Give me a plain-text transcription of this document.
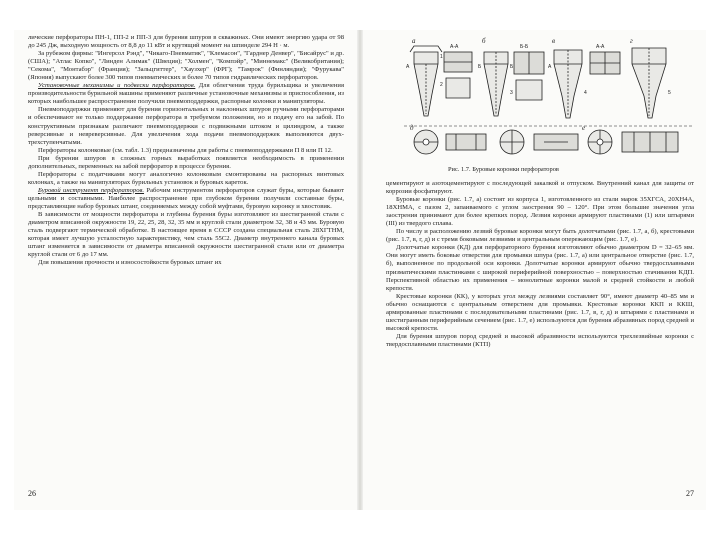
лические перфораторы ПН-1, ПП-2 и ПП-3 для бурения шпуров в скважинах. Они имеют энергию удара от 98 до 245 Дж, выходную мощность от 8,8 до 11 кВт и крутящий момент на шпинделе 294 Н · м.

За рубежом фирмы: "Ингерсол Рэнд", "Чикаго-Пневматик", "Клемасон", "Гарднер Денвер", "Бисайрус" и др. (США); "Атлас Копко", "Линден Алимак" (Швеция); "Холмен", "Компэйр", "Миннемакс" (Великобритания); "Секома", "Монтабэр" (Франция); "Зальцгиттер", "Хаузхер" (ФРГ); "Тамрок" (Финляндия); "Фурукава" (Япония) выпускают более 300 типов пневматических и более 70 типов гидравлических перфораторов.

Установочные механизмы и подвески перфораторов. Для облегчения труда бурильщика и увеличения производительности бурильной машины применяют различные установочные механизмы и приспособления, из которых наибольшее распространение получили пневмоподдержки, распорные колонки и манипуляторы.

Пневмоподдержки применяют для бурения горизонтальных и наклонных шпуров ручными перфораторами и обеспечивают не только поддержание перфоратора в требуемом положении, но и подачу его на забой. По конструктивным признакам различают пневмоподдержки с подвижными штоком и цилиндром, а также реверсивные и невреверсивные. Для увеличения хода подачи пневмоподдержек выполняются двух-трехступенчатыми.

Перфораторы колонковые (см. табл. 1.3) предназначены для работы с пневмоподдержками П 8 или П 12.

При бурении шпуров в сложных горных выработках появляется необходимость в применении дополнительных, переменных на забой перфоратор в процессе бурения.

Перфораторы с податчиками могут аналогично колонковым смонтированы на распорных винтовых колонках, а также на манипуляторах бурильных установок и буровых кареток.

Буровой инструмент перфораторов. Рабочим инструментом перфораторов служат буры, которые бывают цельными и составными. Наиболее распространение при глубоком бурении получили составные буры, представляющие набор буровых штанг, соединяемых между собой муфтами, буровую коронку и хвостовик.

В зависимости от мощности перфоратора и глубины бурения буры изготовляют из шестигранной стали с диаметром вписанной окружности 19, 22, 25, 28, 32, 35 мм и круглой стали диаметром 32, 38 и 43 мм. Буровую сталь подвергают термической обработке. В настоящее время в СССР создана специальная сталь 28ХГТНМ, которая имеет лучшую усталостную характеристику, чем сталь 55С2. Диаметр внутреннего канала буровых штанг изменяется в зависимости от диаметра вписанной окружности шестигранной стали или от диаметра круглой стали от 6 до 17 мм.

Для повышения прочности и износостойкости буровых штанг их

26
а	б	в	г
д	е
А-А	Б-Б	А-А
А	Б	Б	А
1
2
3	4	5
Рис. 1.7. Буровые коронки перфораторов

цементируют и азотоцементируют с последующей закалкой и отпуском. Внутренний канал для защиты от коррозии фосфатируют.

Буровые коронки (рис. 1.7, а) состоят из корпуса 1, изготовленного из стали марок 35ХГСА, 20ХН4А, 18ХНМА, с пазом 2, запаиваемого с углом заострения 90 – 120°. При этом большие значения угла заострения принимают для более крепких пород. Лезвия коронки армируют пластинами (1) или штырями (III) из твердого сплава.

По числу и расположению лезвий буровые коронки могут быть долотчатыми (рис. 1.7, а, б), крестовыми (рис. 1.7, в, г, д) и с тремя боковыми лезвиями и центральным опережающим (рис. 1.7, е).

Долотчатые коронки (КД) для перфораторного бурения изготовляют обычно диаметром D = 32–65 мм. Они могут иметь боковые отверстия для промывки шпура (рис. 1.7, а) или центральное отверстие (рис. 1.7, б), выполненное по продольной оси коронки. Долотчатые коронки армируют обычно твердосплавными призматическими пластинками с широкой периферийной поверхностью – поверхностью стачивания КДП. Перспективной областью их применения – монолитные коронки малой и средней стойкости и любой крепости.

Крестовые коронки (КК), у которых угол между лезвиями составляет 90°, имеют диаметр 40–85 мм и обычно оснащаются с центральным отверстием для промывки. Крестовые коронки ККП и ККШ, армированные пластинами с последовательными пластинами (рис. 1.7, в, г, д) и штырями с пластинами и шестигранным периферийным сечением (рис. 1.7, е) используются для бурения абразивных пород средней и высокой крепости.

Для бурения шпуров пород средней и высокой абразивности используются трехлезвийные коронки с твердосплавными пластинами (КТП)

27
